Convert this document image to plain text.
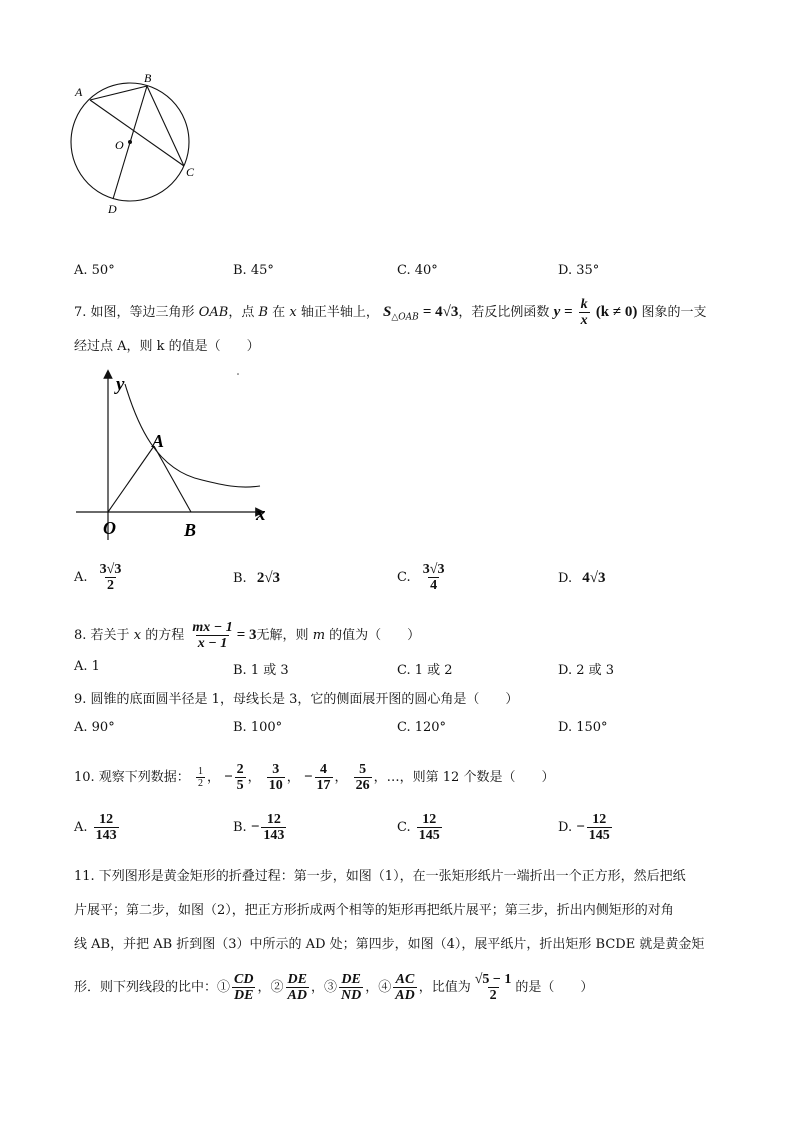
A
B
C
D
O
A. 50°	B. 45°	C. 40°	D. 35°
7. 如图，等边三角形 OAB，点 B 在 x 轴正半轴上， $S_{\triangle OAB} = 4√3$，若反比例函数 $y = \frac{k}{x} (k \ne 0)$ 图象的一支
经过点 A，则 k 的值是（　　）
y
x
A
O	B
A. $\frac{3√3}{2}$	B. 2√3	C. $\frac{3√3}{4}$	D. 4√3
8. 若关于 x 的方程 $\frac{mx - 1}{x - 1} = 3$无解，则 m 的值为（　　）
A. 1	B. 1 或 3	C. 1 或 2	D. 2 或 3
9. 圆锥的底面圆半径是 1，母线长是 3，它的侧面展开图的圆心角是（　　）
A. 90°	B. 100°	C. 120°	D. 150°
10. 观察下列数据： $\frac{1}{2}$ ， − $\frac{2}{5}$ ， $\frac{3}{10}$ ， − $\frac{4}{17}$ ， $\frac{5}{26}$ ，…，则第 12 个数是（　　）
A. $\frac{12}{143}$	B. − $\frac{12}{143}$	C. $\frac{12}{145}$	D. − $\frac{12}{145}$
11. 下列图形是黄金矩形的折叠过程：第一步，如图（1），在一张矩形纸片一端折出一个正方形，然后把纸
片展平；第二步，如图（2），把正方形折成两个相等的矩形再把纸片展平；第三步，折出内侧矩形的对角
线 AB，并把 AB 折到图（3）中所示的 AD 处；第四步，如图（4），展平纸片，折出矩形 BCDE 就是黄金矩
形．则下列线段的比中：① $\frac{CD}{DE}$ ，② $\frac{DE}{AD}$ ，③ $\frac{DE}{ND}$ ，④ $\frac{AC}{AD}$ ，比值为 $\frac{√5 - 1}{2}$ 的是（　　）
